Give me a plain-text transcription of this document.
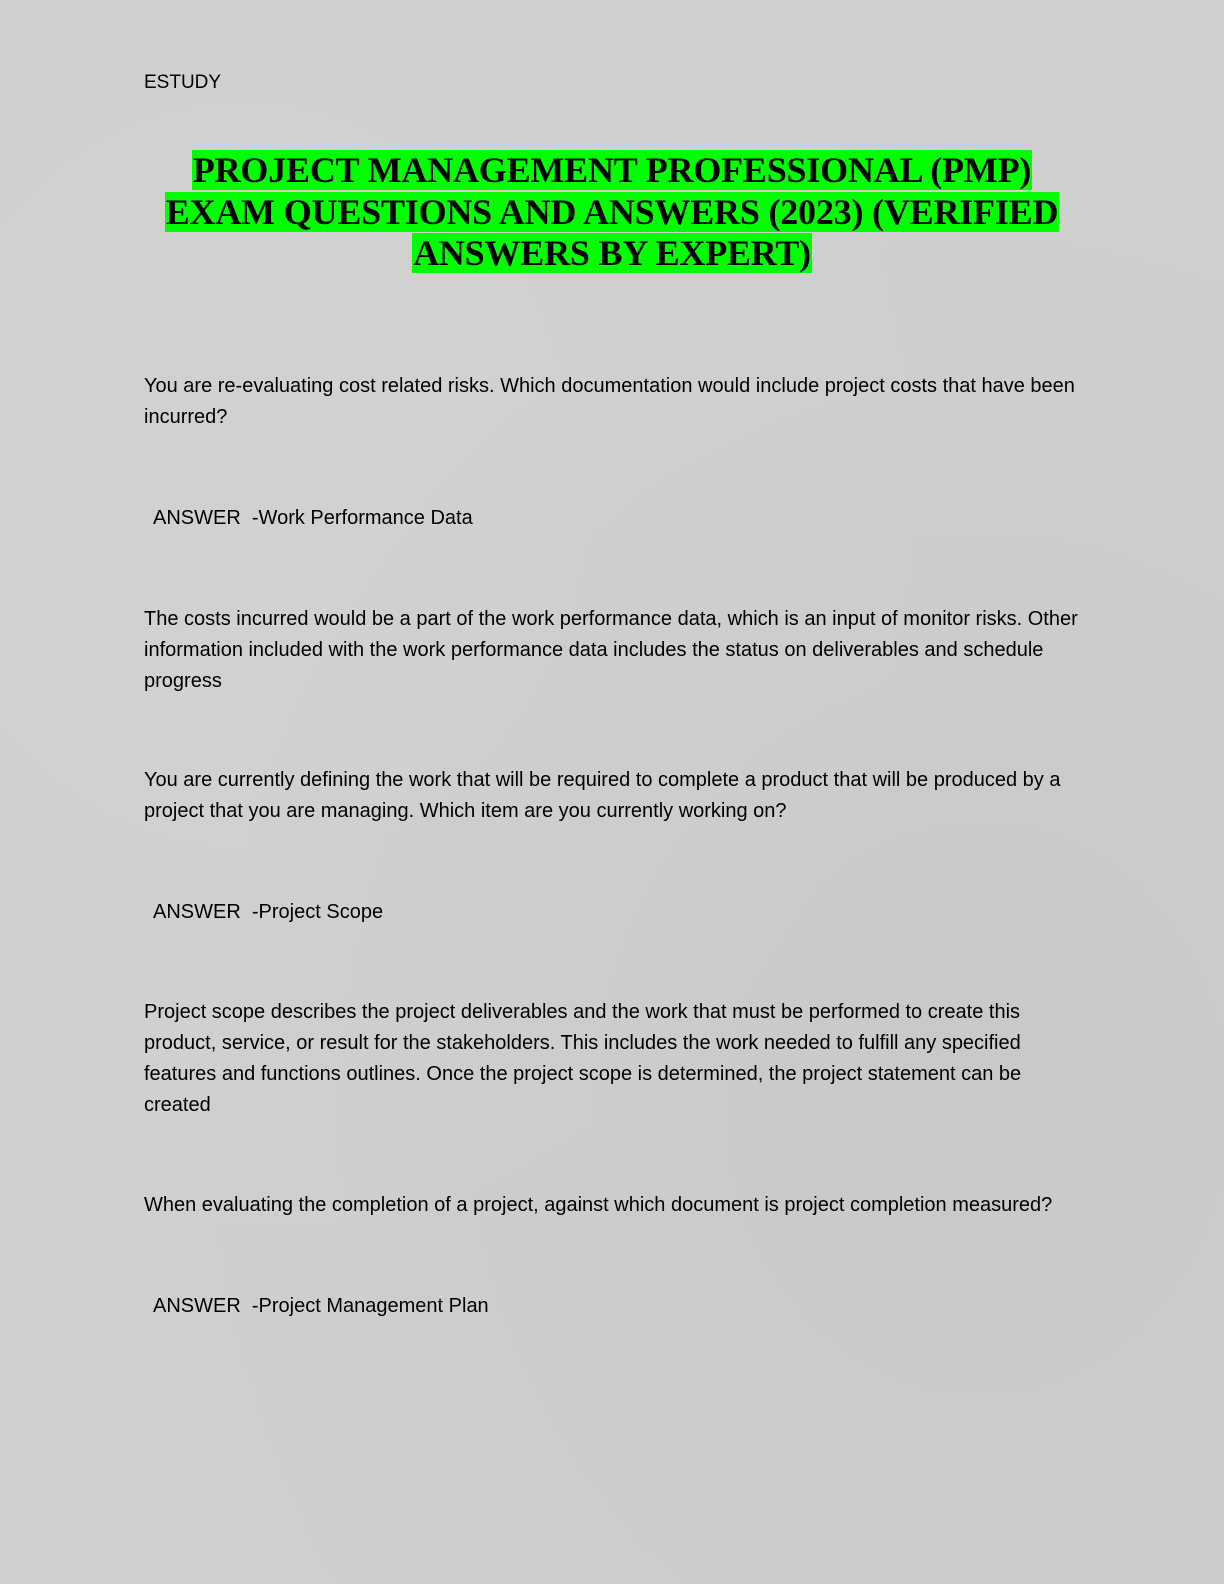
ESTUDY
PROJECT MANAGEMENT PROFESSIONAL (PMP) EXAM QUESTIONS AND ANSWERS (2023) (VERIFIED ANSWERS BY EXPERT)

You are re-evaluating cost related risks. Which documentation would include project costs that have been incurred?

ANSWER  -Work Performance Data

The costs incurred would be a part of the work performance data, which is an input of monitor risks. Other information included with the work performance data includes the status on deliverables and schedule progress

You are currently defining the work that will be required to complete a product that will be produced by a project that you are managing. Which item are you currently working on?

ANSWER  -Project Scope

Project scope describes the project deliverables and the work that must be performed to create this product, service, or result for the stakeholders. This includes the work needed to fulfill any specified features and functions outlines. Once the project scope is determined, the project statement can be created

When evaluating the completion of a project, against which document is project completion measured?

ANSWER  -Project Management Plan
